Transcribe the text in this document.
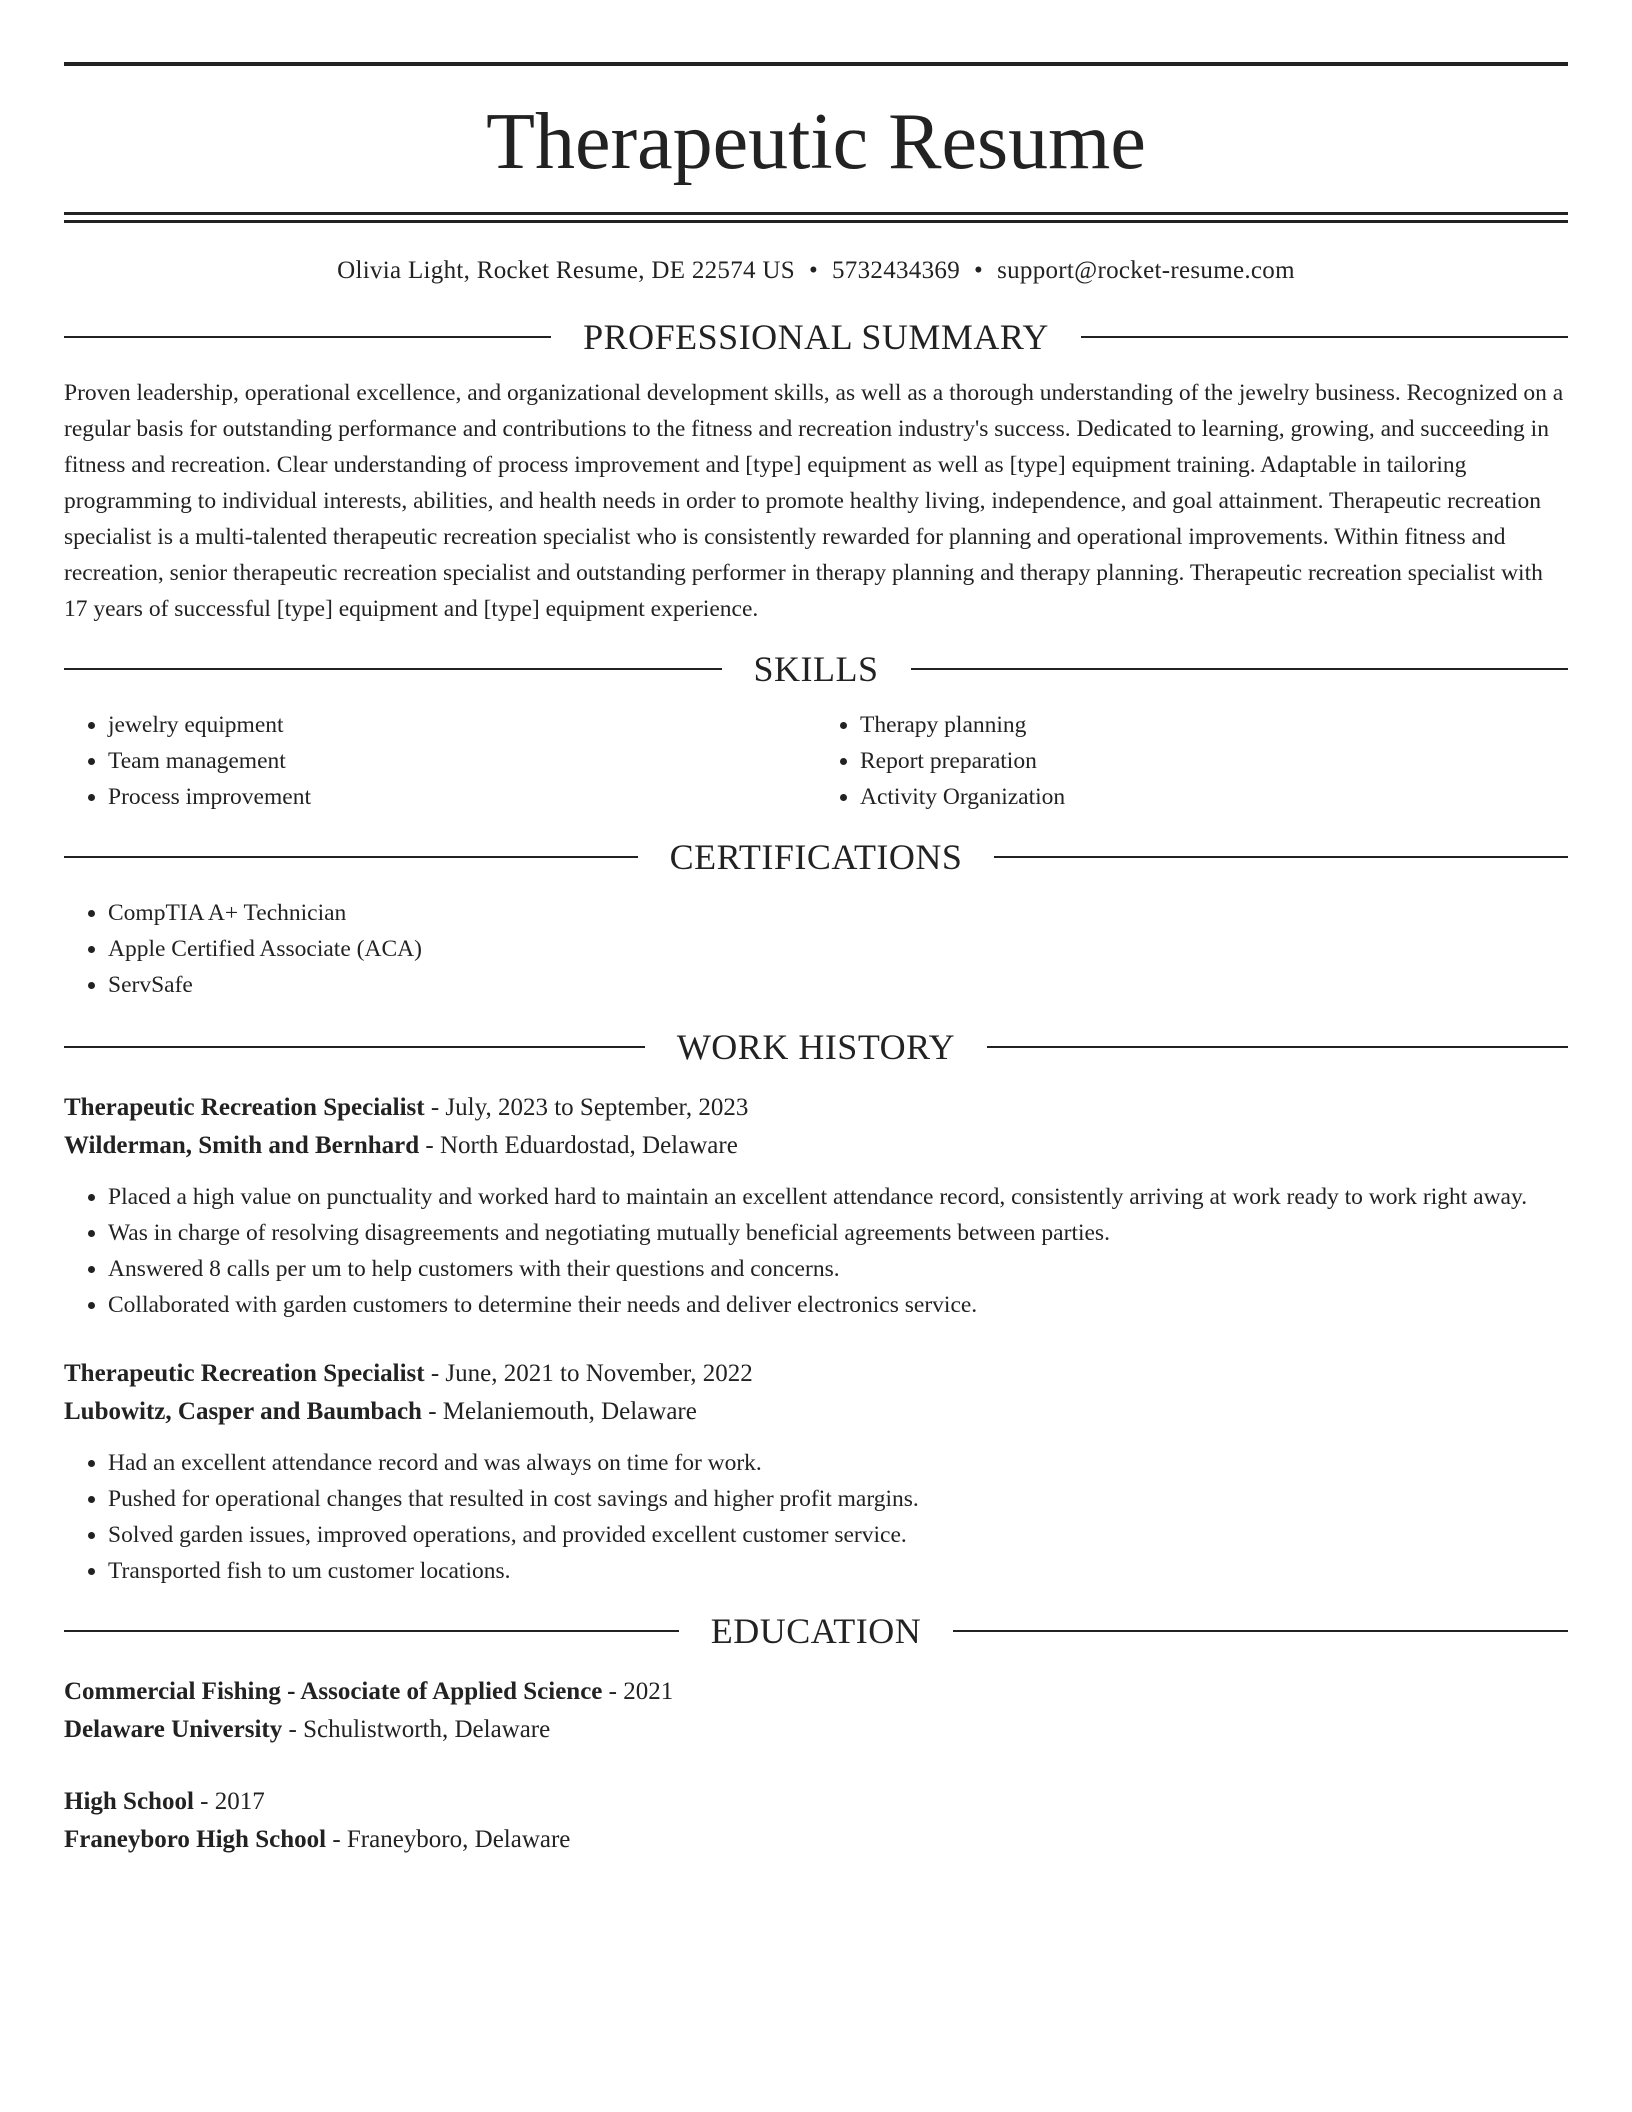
Therapeutic Resume
Olivia Light, Rocket Resume, DE 22574 US • 5732434369 • support@rocket-resume.com
PROFESSIONAL SUMMARY

Proven leadership, operational excellence, and organizational development skills, as well as a thorough understanding of the jewelry business. Recognized on a regular basis for outstanding performance and contributions to the fitness and recreation industry's success. Dedicated to learning, growing, and succeeding in fitness and recreation. Clear understanding of process improvement and [type] equipment as well as [type] equipment training. Adaptable in tailoring programming to individual interests, abilities, and health needs in order to promote healthy living, independence, and goal attainment. Therapeutic recreation specialist is a multi-talented therapeutic recreation specialist who is consistently rewarded for planning and operational improvements. Within fitness and recreation, senior therapeutic recreation specialist and outstanding performer in therapy planning and therapy planning. Therapeutic recreation specialist with 17 years of successful [type] equipment and [type] equipment experience.

SKILLS
• jewelry equipment
• Team management
• Process improvement
• Therapy planning
• Report preparation
• Activity Organization
CERTIFICATIONS
• CompTIA A+ Technician
• Apple Certified Associate (ACA)
• ServSafe
WORK HISTORY
Therapeutic Recreation Specialist - July, 2023 to September, 2023
Wilderman, Smith and Bernhard - North Eduardostad, Delaware
• Placed a high value on punctuality and worked hard to maintain an excellent attendance record, consistently arriving at work ready to work right away.
• Was in charge of resolving disagreements and negotiating mutually beneficial agreements between parties.
• Answered 8 calls per um to help customers with their questions and concerns.
• Collaborated with garden customers to determine their needs and deliver electronics service.
Therapeutic Recreation Specialist - June, 2021 to November, 2022
Lubowitz, Casper and Baumbach - Melaniemouth, Delaware
• Had an excellent attendance record and was always on time for work.
• Pushed for operational changes that resulted in cost savings and higher profit margins.
• Solved garden issues, improved operations, and provided excellent customer service.
• Transported fish to um customer locations.
EDUCATION
Commercial Fishing - Associate of Applied Science - 2021
Delaware University - Schulistworth, Delaware
High School - 2017
Franeyboro High School - Franeyboro, Delaware
